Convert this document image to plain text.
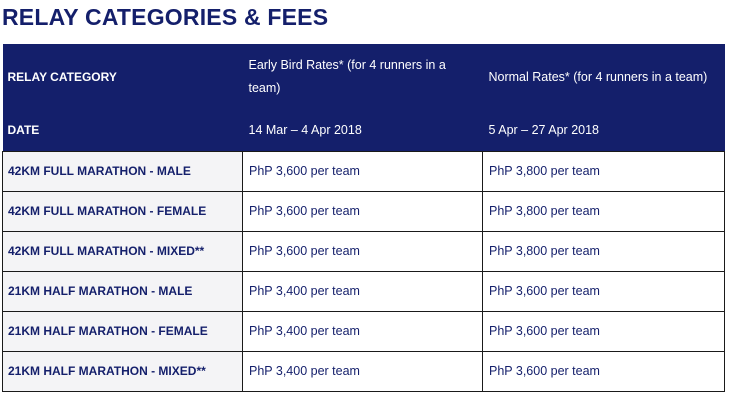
RELAY CATEGORIES & FEES
RELAY CATEGORY	Early Bird Rates* (for 4 runners in a team)	Normal Rates* (for 4 runners in a team)
DATE	14 Mar – 4 Apr 2018	5 Apr – 27 Apr 2018
42KM FULL MARATHON - MALE	PhP 3,600 per team	PhP 3,800 per team
42KM FULL MARATHON - FEMALE	PhP 3,600 per team	PhP 3,800 per team
42KM FULL MARATHON - MIXED**	PhP 3,600 per team	PhP 3,800 per team
21KM HALF MARATHON - MALE	PhP 3,400 per team	PhP 3,600 per team
21KM HALF MARATHON - FEMALE	PhP 3,400 per team	PhP 3,600 per team
21KM HALF MARATHON - MIXED**	PhP 3,400 per team	PhP 3,600 per team
